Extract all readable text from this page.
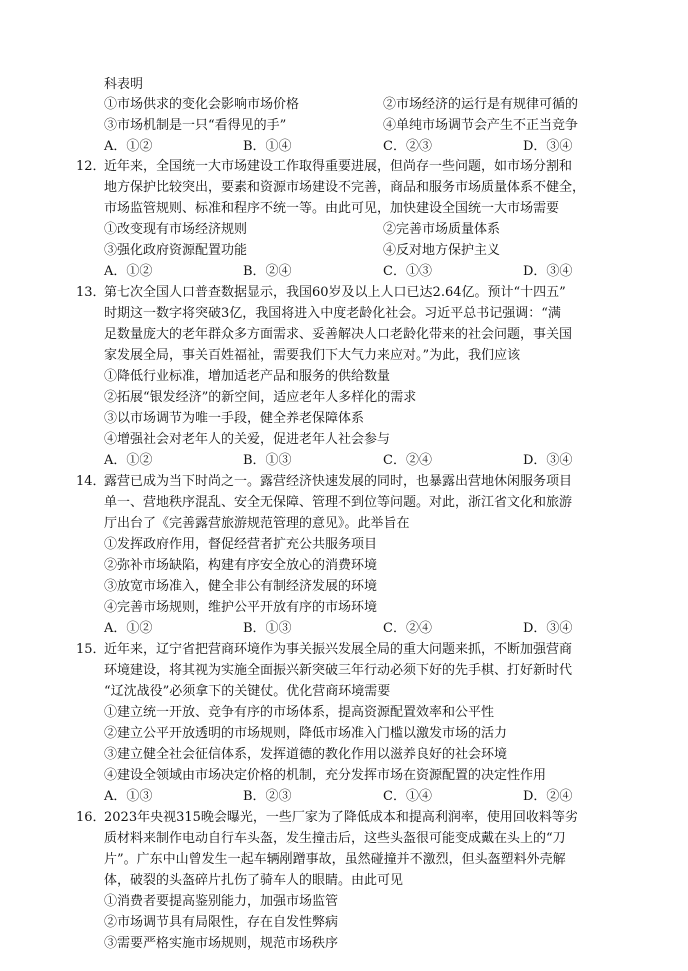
科表明
①市场供求的变化会影响市场价格	②市场经济的运行是有规律可循的
③市场机制是一只“看得见的手”	④单纯市场调节会产生不正当竞争
A．①②	B．①④	C．②③	D．③④
12．
近年来，全国统一大市场建设工作取得重要进展，但尚存一些问题，如市场分割和
地方保护比较突出，要素和资源市场建设不完善，商品和服务市场质量体系不健全，
市场监管规则、标准和程序不统一等。由此可见，加快建设全国统一大市场需要
①改变现有市场经济规则	②完善市场质量体系
③强化政府资源配置功能	④反对地方保护主义
A．①②	B．②④	C．①③	D．③④
13．
第七次全国人口普查数据显示，我国60岁及以上人口已达2.64亿。预计“十四五”
时期这一数字将突破3亿，我国将进入中度老龄化社会。习近平总书记强调：“满
足数量庞大的老年群众多方面需求、妥善解决人口老龄化带来的社会问题，事关国
家发展全局，事关百姓福祉，需要我们下大气力来应对。”为此，我们应该
①降低行业标准，增加适老产品和服务的供给数量
②拓展“银发经济”的新空间，适应老年人多样化的需求
③以市场调节为唯一手段，健全养老保障体系
④增强社会对老年人的关爱，促进老年人社会参与
A．①②	B．①③	C．②④	D．③④
14．
露营已成为当下时尚之一。露营经济快速发展的同时，也暴露出营地休闲服务项目
单一、营地秩序混乱、安全无保障、管理不到位等问题。对此，浙江省文化和旅游
厅出台了《完善露营旅游规范管理的意见》。此举旨在
①发挥政府作用，督促经营者扩充公共服务项目
②弥补市场缺陷，构建有序安全放心的消费环境
③放宽市场准入，健全非公有制经济发展的环境
④完善市场规则，维护公平开放有序的市场环境
A．①②	B．①③	C．②④	D．③④
15．
近年来，辽宁省把营商环境作为事关振兴发展全局的重大问题来抓，不断加强营商
环境建设，将其视为实施全面振兴新突破三年行动必须下好的先手棋、打好新时代
“辽沈战役”必须拿下的关键仗。优化营商环境需要
①建立统一开放、竞争有序的市场体系，提高资源配置效率和公平性
②建立公平开放透明的市场规则，降低市场准入门槛以激发市场的活力
③建立健全社会征信体系，发挥道德的教化作用以滋养良好的社会环境
④建设全领域由市场决定价格的机制，充分发挥市场在资源配置的决定性作用
A．①③	B．②③	C．①④	D．②④
16．
2023年央视315晚会曝光，一些厂家为了降低成本和提高利润率，使用回收料等劣
质材料来制作电动自行车头盔，发生撞击后，这些头盔很可能变成戴在头上的“刀
片”。广东中山曾发生一起车辆剐蹭事故，虽然碰撞并不激烈，但头盔塑料外壳解
体，破裂的头盔碎片扎伤了骑车人的眼睛。由此可见
①消费者要提高鉴别能力，加强市场监管
②市场调节具有局限性，存在自发性弊病
③需要严格实施市场规则，规范市场秩序
